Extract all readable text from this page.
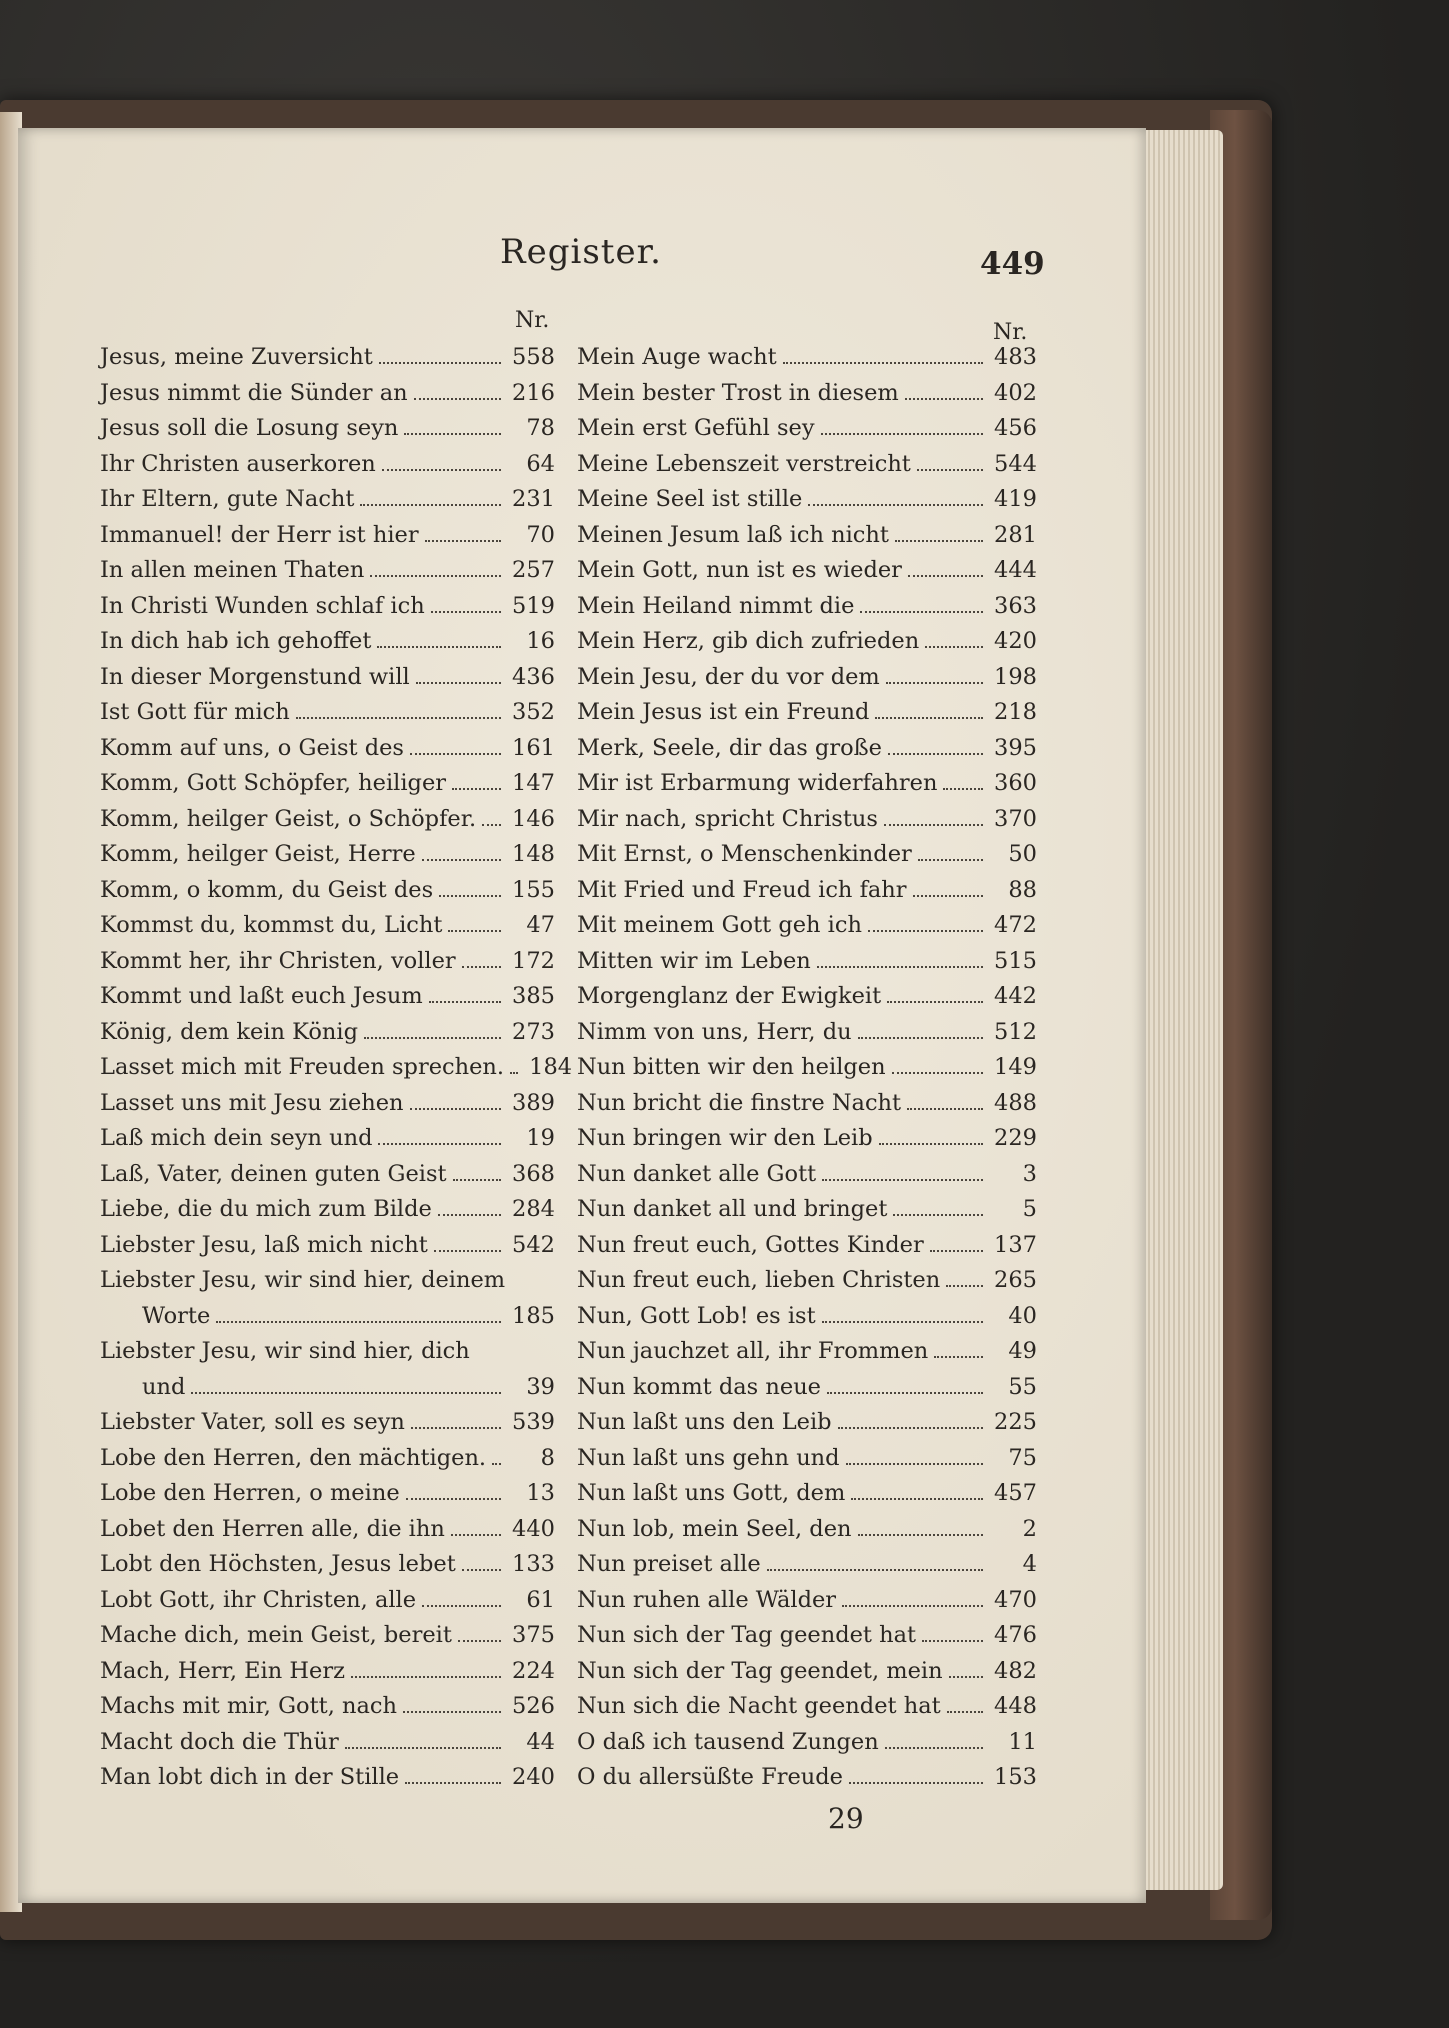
Register.	449
Nr.	Nr.
Jesus, meine Zuversicht	558
Jesus nimmt die Sünder an	216
Jesus soll die Losung seyn	78
Ihr Christen auserkoren	64
Ihr Eltern, gute Nacht	231
Immanuel! der Herr ist hier	70
In allen meinen Thaten	257
In Christi Wunden schlaf ich	519
In dich hab ich gehoffet	16
In dieser Morgenstund will	436
Ist Gott für mich	352
Komm auf uns, o Geist des	161
Komm, Gott Schöpfer, heiliger	147
Komm, heilger Geist, o Schöpfer. 146
Komm, heilger Geist, Herre	148
Komm, o komm, du Geist des	155
Kommst du, kommst du, Licht	47
Kommt her, ihr Christen, voller	172
Kommt und laßt euch Jesum	385
König, dem kein König	273
Lasset mich mit Freuden sprechen. 184
Lasset uns mit Jesu ziehen	389
Laß mich dein seyn und	19
Laß, Vater, deinen guten Geist	368
Liebe, die du mich zum Bilde	284
Liebster Jesu, laß mich nicht	542
Liebster Jesu, wir sind hier, deinem
Worte	185
Liebster Jesu, wir sind hier, dich
und	39
Liebster Vater, soll es seyn	539
Lobe den Herren, den mächtigen.	8
Lobe den Herren, o meine	13
Lobet den Herren alle, die ihn	440
Lobt den Höchsten, Jesus lebet	133
Lobt Gott, ihr Christen, alle	61
Mache dich, mein Geist, bereit	375
Mach, Herr, Ein Herz	224
Machs mit mir, Gott, nach	526
Macht doch die Thür	44
Man lobt dich in der Stille	240
Mein Auge wacht	483
Mein bester Trost in diesem	402
Mein erst Gefühl sey	456
Meine Lebenszeit verstreicht	544
Meine Seel ist stille	419
Meinen Jesum laß ich nicht	281
Mein Gott, nun ist es wieder	444
Mein Heiland nimmt die	363
Mein Herz, gib dich zufrieden	420
Mein Jesu, der du vor dem	198
Mein Jesus ist ein Freund	218
Merk, Seele, dir das große	395
Mir ist Erbarmung widerfahren	360
Mir nach, spricht Christus	370
Mit Ernst, o Menschenkinder	50
Mit Fried und Freud ich fahr	88
Mit meinem Gott geh ich	472
Mitten wir im Leben	515
Morgenglanz der Ewigkeit	442
Nimm von uns, Herr, du	512
Nun bitten wir den heilgen	149
Nun bricht die finstre Nacht	488
Nun bringen wir den Leib	229
Nun danket alle Gott	3
Nun danket all und bringet	5
Nun freut euch, Gottes Kinder	137
Nun freut euch, lieben Christen 265
Nun, Gott Lob! es ist	40
Nun jauchzet all, ihr Frommen	49
Nun kommt das neue	55
Nun laßt uns den Leib	225
Nun laßt uns gehn und	75
Nun laßt uns Gott, dem	457
Nun lob, mein Seel, den	2
Nun preiset alle	4
Nun ruhen alle Wälder	470
Nun sich der Tag geendet hat	476
Nun sich der Tag geendet, mein 482
Nun sich die Nacht geendet hat 448
O daß ich tausend Zungen	11
O du allersüßte Freude	153
29
